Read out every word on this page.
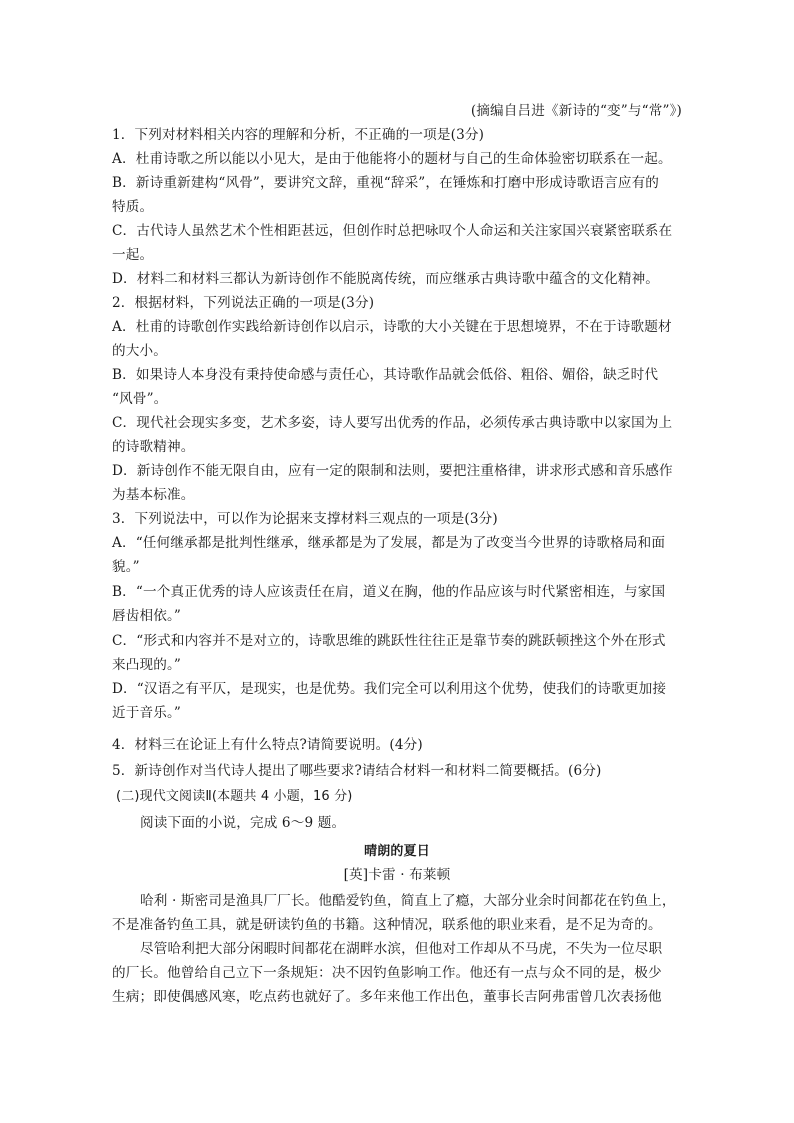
(摘编自吕进《新诗的“变”与“常”》)
1．下列对材料相关内容的理解和分析，不正确的一项是(3分)
A．杜甫诗歌之所以能以小见大，是由于他能将小的题材与自己的生命体验密切联系在一起。
B．新诗重新建构“风骨”，要讲究文辞，重视“辞采”，在锤炼和打磨中形成诗歌语言应有的
特质。
C．古代诗人虽然艺术个性相距甚远，但创作时总把咏叹个人命运和关注家国兴衰紧密联系在
一起。
D．材料二和材料三都认为新诗创作不能脱离传统，而应继承古典诗歌中蕴含的文化精神。
2．根据材料，下列说法正确的一项是(3分)
A．杜甫的诗歌创作实践给新诗创作以启示，诗歌的大小关键在于思想境界，不在于诗歌题材
的大小。
B．如果诗人本身没有秉持使命感与责任心，其诗歌作品就会低俗、粗俗、媚俗，缺乏时代
“风骨”。
C．现代社会现实多变，艺术多姿，诗人要写出优秀的作品，必须传承古典诗歌中以家国为上
的诗歌精神。
D．新诗创作不能无限自由，应有一定的限制和法则，要把注重格律，讲求形式感和音乐感作
为基本标准。
3．下列说法中，可以作为论据来支撑材料三观点的一项是(3分)
A．“任何继承都是批判性继承，继承都是为了发展，都是为了改变当今世界的诗歌格局和面
貌。”
B．“一个真正优秀的诗人应该责任在肩，道义在胸，他的作品应该与时代紧密相连，与家国
唇齿相依。”
C．“形式和内容并不是对立的，诗歌思维的跳跃性往往正是靠节奏的跳跃顿挫这个外在形式
来凸现的。”
D．“汉语之有平仄，是现实，也是优势。我们完全可以利用这个优势，使我们的诗歌更加接
近于音乐。”
4．材料三在论证上有什么特点?请简要说明。(4分)
5．新诗创作对当代诗人提出了哪些要求?请结合材料一和材料二简要概括。(6分)
(二)现代文阅读Ⅱ(本题共 4 小题，16 分)
阅读下面的小说，完成 6～9 题。
晴朗的夏日
[英]卡雷 · 布莱顿
哈利 · 斯密司是渔具厂厂长。他酷爱钓鱼，简直上了瘾，大部分业余时间都花在钓鱼上，
不是准备钓鱼工具，就是研读钓鱼的书籍。这种情况，联系他的职业来看，是不足为奇的。
尽管哈利把大部分闲暇时间都花在湖畔水滨，但他对工作却从不马虎，不失为一位尽职
的厂长。他曾给自己立下一条规矩：决不因钓鱼影响工作。他还有一点与众不同的是，极少
生病；即使偶感风寒，吃点药也就好了。多年来他工作出色，董事长吉阿弗雷曾几次表扬他
